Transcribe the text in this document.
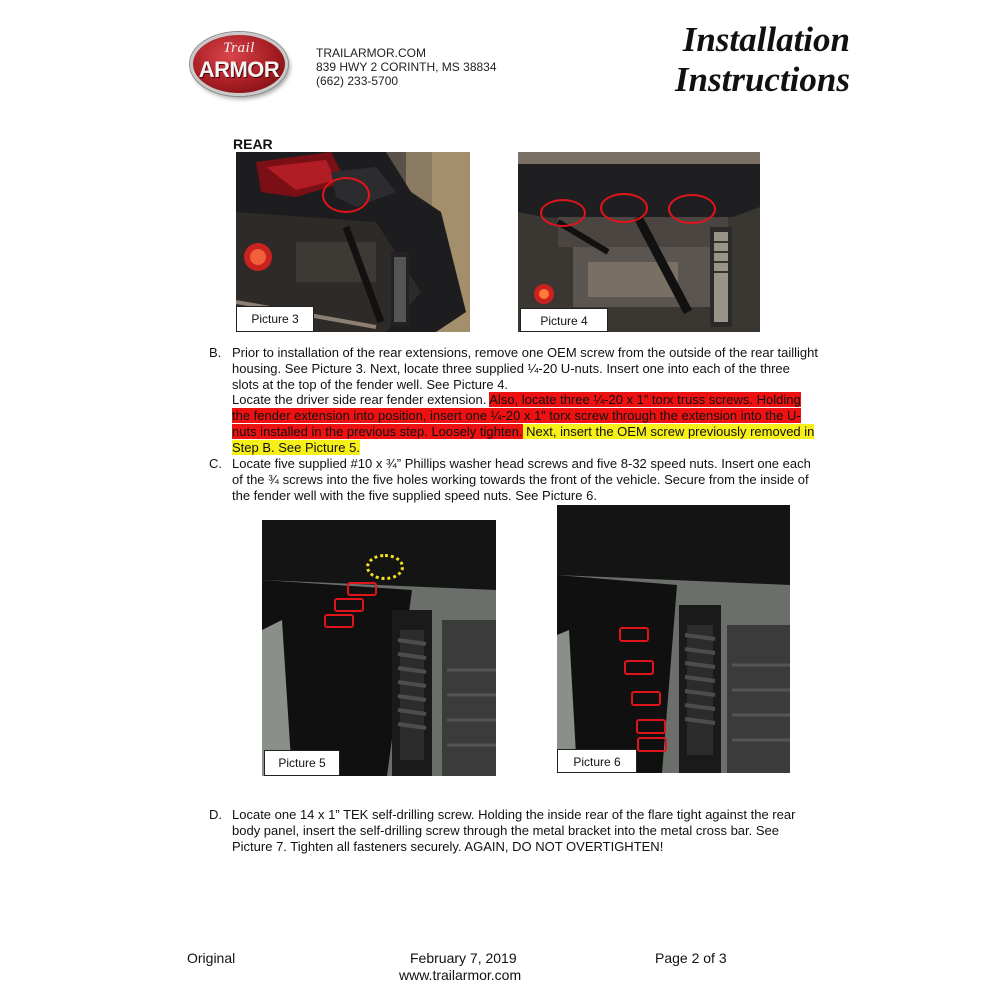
Trail
ARMOR
TRAILARMOR.COM
839 HWY 2 CORINTH, MS 38834
(662) 233-5700
Installation
Instructions
REAR
Picture 3	Picture 4
B. Prior to installation of the rear extensions, remove one OEM screw from the outside of the rear taillight
housing. See Picture 3. Next, locate three supplied ¼-20 U-nuts. Insert one into each of the three
slots at the top of the fender well. See Picture 4.
Locate the driver side rear fender extension. Also, locate three ¼-20 x 1” torx truss screws. Holding
the fender extension into position, insert one ¼-20 x 1” torx screw through the extension into the U-
nuts installed in the previous step. Loosely tighten. Next, insert the OEM screw previously removed in
Step B. See Picture 5.
C. Locate five supplied #10 x ¾” Phillips washer head screws and five 8-32 speed nuts. Insert one each
of the ¾ screws into the five holes working towards the front of the vehicle. Secure from the inside of
the fender well with the five supplied speed nuts. See Picture 6.
Picture 5	Picture 6
D. Locate one 14 x 1” TEK self-drilling screw. Holding the inside rear of the flare tight against the rear
body panel, insert the self-drilling screw through the metal bracket into the metal cross bar. See
Picture 7. Tighten all fasteners securely. AGAIN, DO NOT OVERTIGHTEN!
Original	February 7, 2019
www.trailarmor.com
Page 2 of 3
